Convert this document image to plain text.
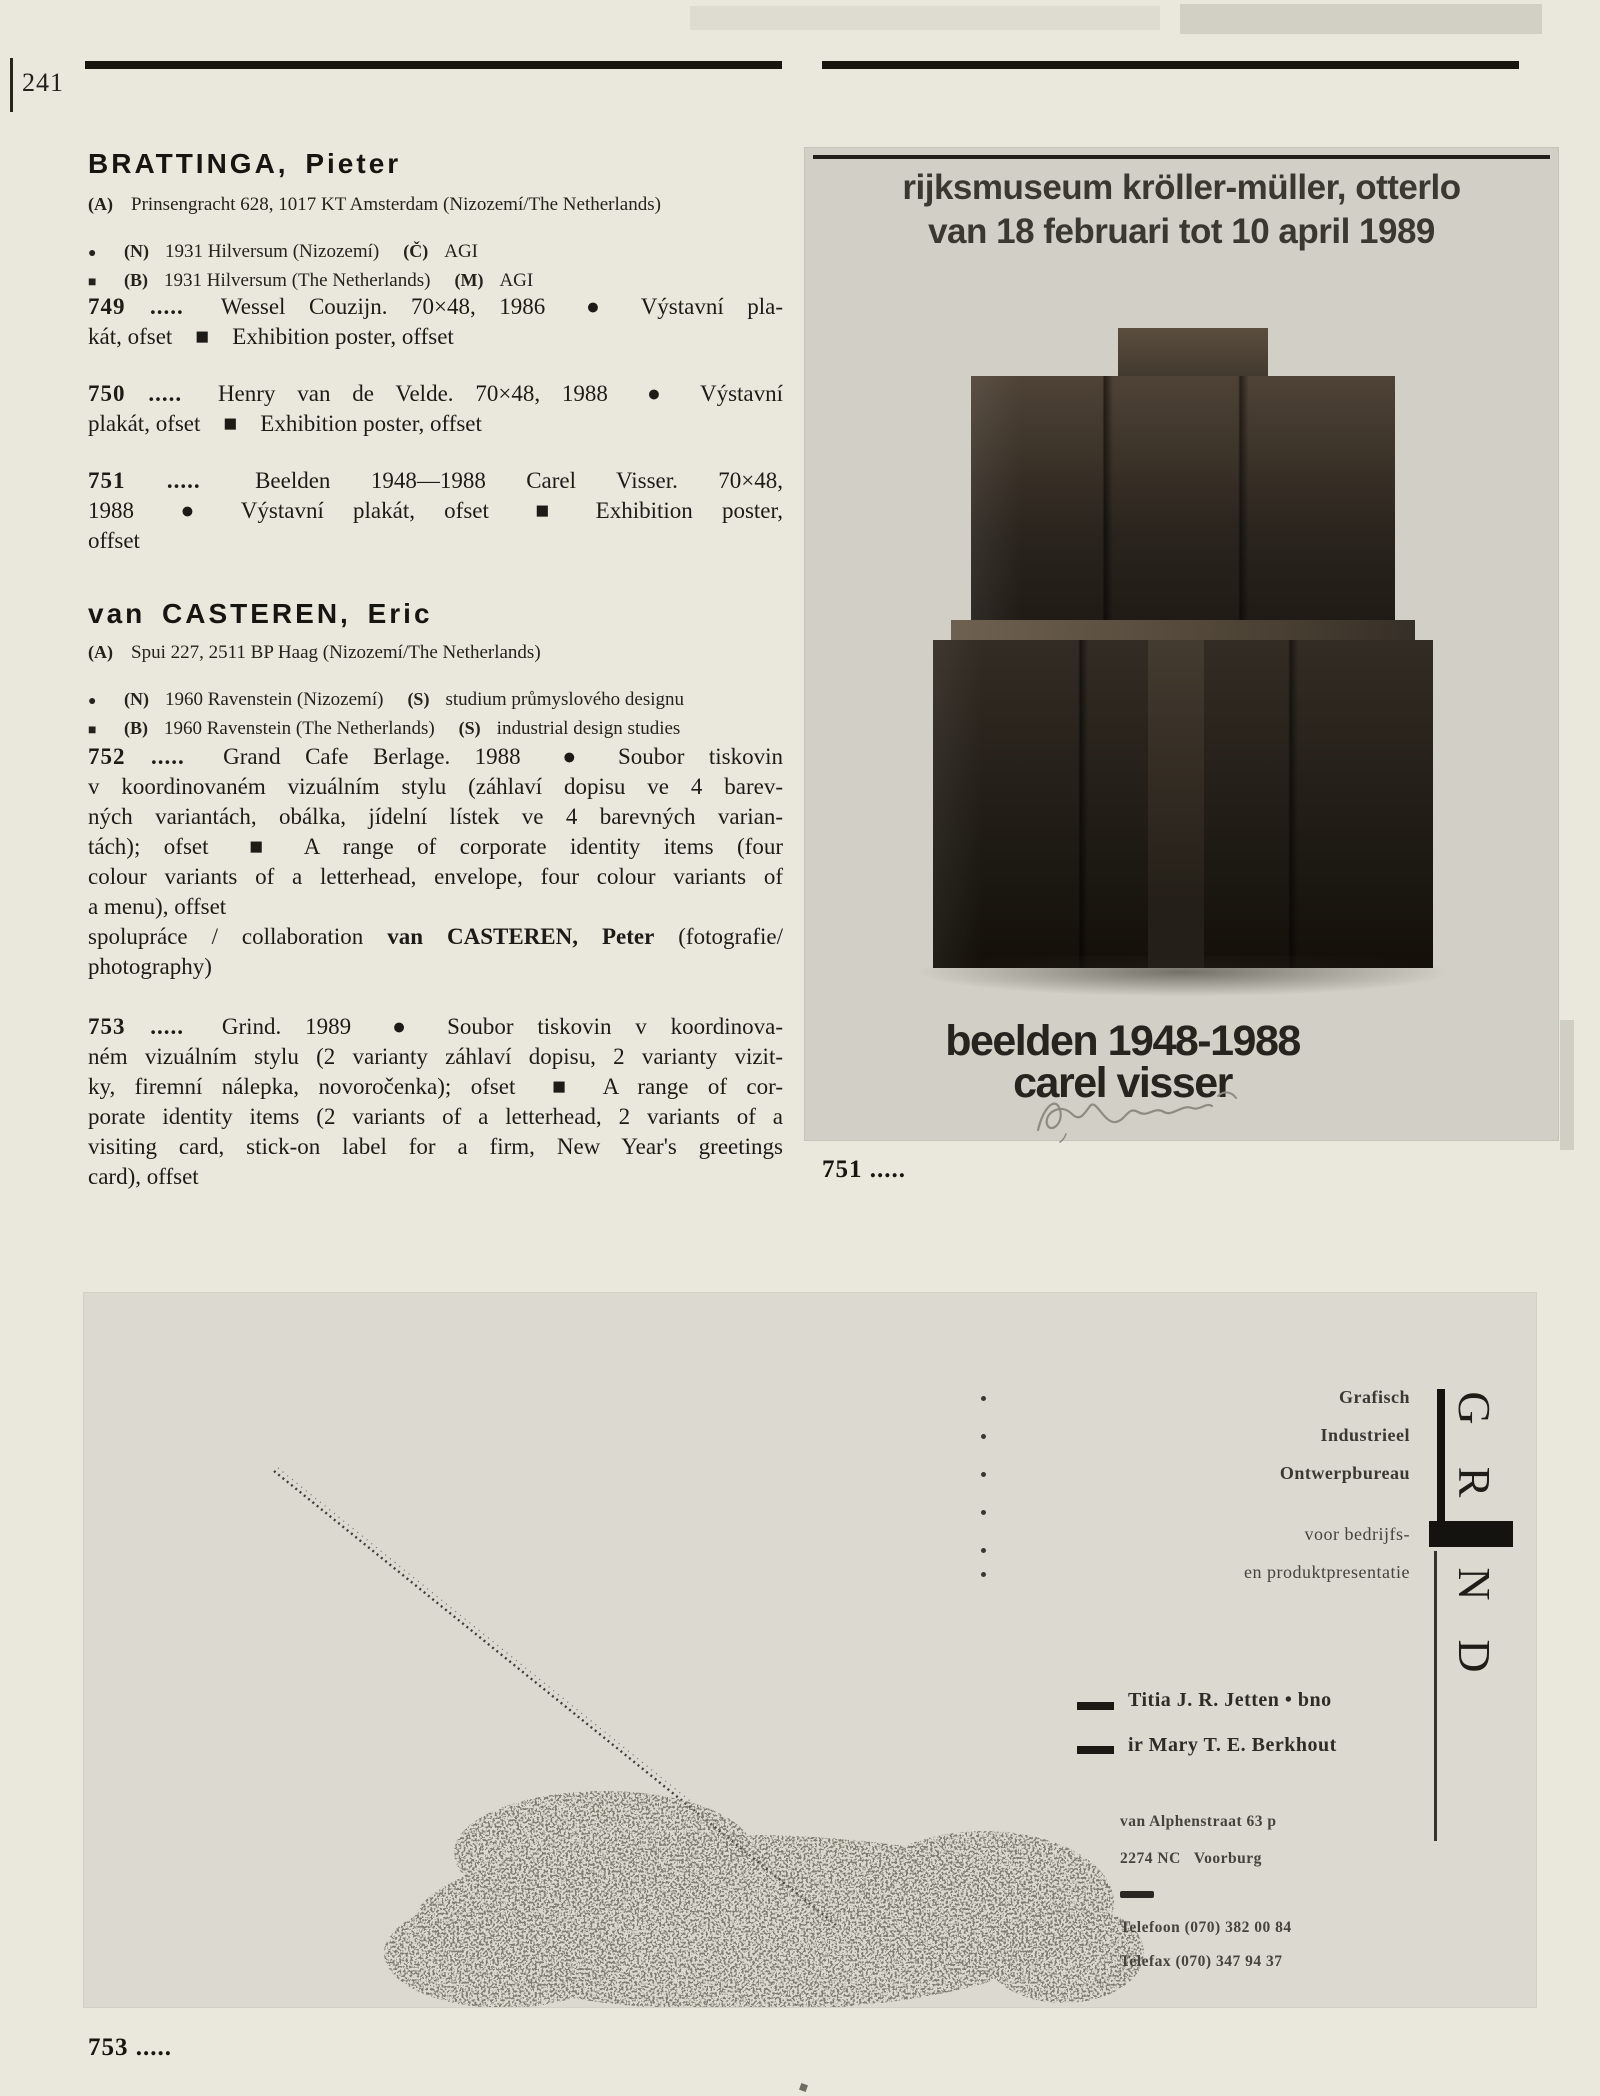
241
BRATTINGA, Pieter

(A) Prinsengracht 628, 1017 KT Amsterdam (Nizozemí/The Netherlands)

● (N) 1931 Hilversum (Nizozemí) (Č) AGI
■ (B) 1931 Hilversum (The Netherlands) (M) AGI
749 ..... Wessel Couzijn. 70×48, 1986 ● Výstavní pla-
kát, ofset ■ Exhibition poster, offset
750 ..... Henry van de Velde. 70×48, 1988 ● Výstavní
plakát, ofset ■ Exhibition poster, offset
751 ..... Beelden 1948—1988 Carel Visser. 70×48,
1988 ● Výstavní plakát, ofset ■ Exhibition poster,
offset
van CASTEREN, Eric

(A) Spui 227, 2511 BP Haag (Nizozemí/The Netherlands)

● (N) 1960 Ravenstein (Nizozemí) (S) studium průmyslového designu
■ (B) 1960 Ravenstein (The Netherlands) (S) industrial design studies
752 ..... Grand Cafe Berlage. 1988 ● Soubor tiskovin
v koordinovaném vizuálním stylu (záhlaví dopisu ve 4 barev-
ných variantách, obálka, jídelní lístek ve 4 barevných varian-
tách); ofset ■ A range of corporate identity items (four
colour variants of a letterhead, envelope, four colour variants of
a menu), offset
spolupráce / collaboration van CASTEREN, Peter (fotografie/
photography)
753 ..... Grind. 1989 ● Soubor tiskovin v koordinova-
ném vizuálním stylu (2 varianty záhlaví dopisu, 2 varianty vizit-
ky, firemní nálepka, novoročenka); ofset ■ A range of cor-
porate identity items (2 variants of a letterhead, 2 variants of a
visiting card, stick-on label for a firm, New Year's greetings
card), offset
rijksmuseum kröller-müller, otterlo
van 18 februari tot 10 april 1989
beelden 1948-1988
carel visser
751 .....
Grafisch
Industrieel
Ontwerpbureau
voor bedrijfs-
en produktpresentatie
G
R
N
D
Titia J. R. Jetten • bno
ir Mary T. E. Berkhout
van Alphenstraat 63 p
2274 NC   Voorburg
Telefoon (070) 382 00 84
Telefax (070) 347 94 37
753 .....
